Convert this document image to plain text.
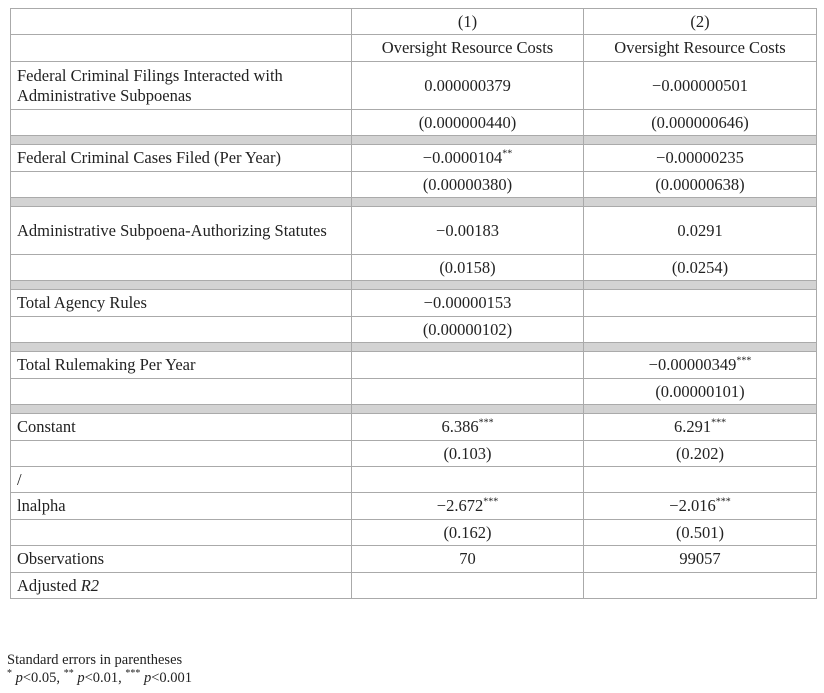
	(1)	(2)
	Oversight Resource Costs	Oversight Resource Costs
Federal Criminal Filings Interacted with Administrative Subpoenas	0.000000379	−0.000000501
	(0.000000440)	(0.000000646)

Federal Criminal Cases Filed (Per Year)	−0.0000104**	−0.00000235
	(0.00000380)	(0.00000638)

Administrative Subpoena-Authorizing Statutes	−0.00183	0.0291
	(0.0158)	(0.0254)

Total Agency Rules	−0.00000153	
	(0.00000102)	

Total Rulemaking Per Year		−0.00000349***
		(0.00000101)

Constant	6.386***	6.291***
	(0.103)	(0.202)
/		
lnalpha	−2.672***	−2.016***
	(0.162)	(0.501)
Observations	70	99057
Adjusted R2		
Standard errors in parentheses
* p<0.05, ** p<0.01, *** p<0.001
